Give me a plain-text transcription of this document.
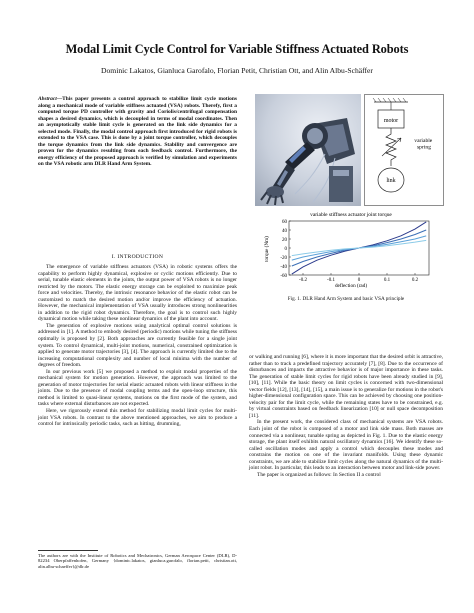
Modal Limit Cycle Control for Variable Stiffness Actuated Robots
Dominic Lakatos, Gianluca Garofalo, Florian Petit, Christian Ott, and Alin Albu-Schäffer
Abstract—This paper presents a control approach to stabilize limit cycle motions along a mechanical mode of variable stiffness actuated (VSA) robots. Therefy, first a computed torque PD controller with gravity and Coriolis/centrifugal compensation shapes a desired dynamics, which is decoupled in terms of modal coordinates. Then an asymptotically stable limit cycle is generated on the link side dynamics for a selected mode. Finally, the modal control approach first introduced for rigid robots is extended to the VSA case. This is done by a joint torque controller, which decouples the torque dynamics from the link side dynamics. Stability and convergence are proven for the dynamics resulting from each feedback control. Furthermore, the energy efficiency of the proposed approach is verified by simulation and experiments on the VSA robotic arm DLR Hand Arm System.
I. INTRODUCTION

The emergence of variable stiffness actuators (VSA) in robotic systems offers the capability to perform highly dynamical, explosive or cyclic motions efficiently. Due to serial, tunable elastic elements in the joints, the output power of VSA robots is no longer restricted by the motors. The elastic energy storage can be exploited to maximize peak force and velocities. Thereby, the intrinsic resonance behavior of the elastic robot can be customized to match the desired motion and/or improve the efficiency of actuation. However, the mechanical implementation of VSA usually introduces strong nonlinearities in addition to the rigid robot dynamics. Therefore, the goal is to control such highly dynamical motion while taking these nonlinear dynamics of the plant into account.

The generation of explosive motions using analytical optimal control solutions is addressed in [1]. A method to embody desired (periodic) motions while tuning the stiffness optimally is proposed by [2]. Both approaches are currently feasible for a single joint system. To control dynamical, multi-joint motions, numerical, constrained optimization is applied to generate motor trajectories [3], [4]. The approach is currently limited due to the increasing computational complexity and number of local minima with the number of degrees of freedom.

In our previous work [5] we proposed a method to exploit modal properties of the mechanical system for motion generation. However, the approach was limited to the generation of motor trajectories for serial elastic actuated robots with linear stiffness in the joints. Due to the presence of modal coupling terms and the open-loop structure, this method is limited to quasi-linear systems, motions on the first mode of the system, and tasks where external disturbances are not expected.

Here, we rigorously extend this method for stabilizing modal limit cycles for multi-joint VSA robots. In contrast to the above mentioned approaches, we aim to produce a control for intrinsically periodic tasks, such as hitting, drumming,

The authors are with the Institute of Robotics and Mechatronics, German Aerospace Center (DLR), D-82234 Oberpfaffenhofen, Germany {dominic.lakatos, gianluca.garofalo, florian.petit, christian.ott, alin.albu-schaeffer}@dlr.de
motor
variable spring
link
variable stiffness actuator joint torque
60
40
20
0
-20
-40
-60
-0.2	-0.1	0	0.1	0.2
deflection (rad)
torque (Nm)
Fig. 1. DLR Hand Arm System and basic VSA principle

or walking and running [6], where it is more important that the desired orbit is attractive, rather than to track a predefined trajectory accurately [7], [8]. Due to the occurrence of disturbances and impacts the attractive behavior is of major importance in these tasks. The generation of stable limit cycles for rigid robots have been already studied in [9], [10], [11]. While the basic theory on limit cycles is concerned with two-dimensional vector fields [12], [13], [14], [15], a main issue is to generalize for motions in the robot's higher-dimensional configuration space. This can be achieved by choosing one position-velocity pair for the limit cycle, while the remaining states have to be constrained, e.g. by virtual constraints based on feedback linearization [10] or null space decomposition [11].

In the present work, the considered class of mechanical systems are VSA robots. Each joint of the robot is composed of a motor and link side mass. Both masses are connected via a nonlinear, tunable spring as depicted in Fig. 1. Due to the elastic energy storage, the plant itself exhibits natural oscillatory dynamics [16]. We identify these so-called oscillation modes and apply a control which decouples these modes and constrains the motion on one of the invariant manifolds. Using these dynamic constraints, we are able to stabilize limit cycles along the natural dynamics of the multi-joint robot. In particular, this leads to an interaction between motor and link-side power.

The paper is organized as follows: In Section II a control
